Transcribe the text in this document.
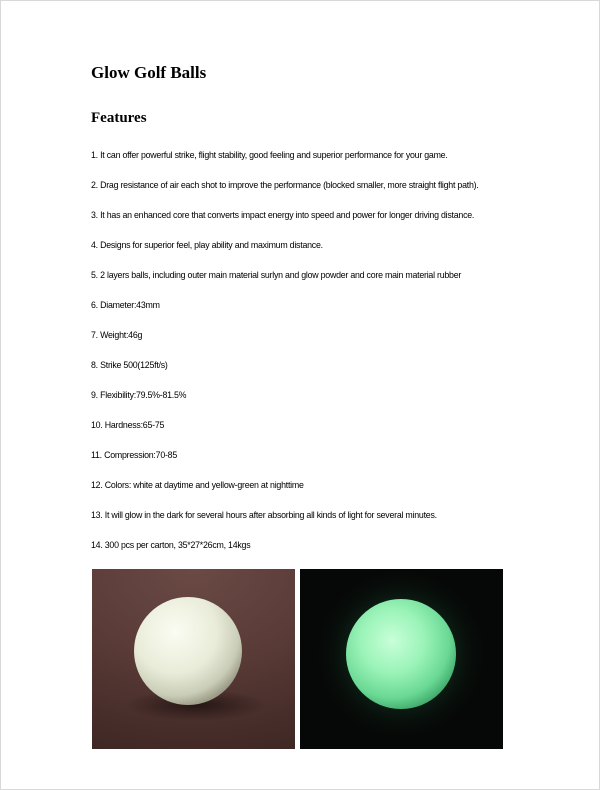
Glow Golf Balls
Features
1. It can offer powerful strike, flight stability, good feeling and superior performance for your game.
2. Drag resistance of air each shot to improve the performance (blocked smaller, more straight flight path).
3. It has an enhanced core that converts impact energy into speed and power for longer driving distance.
4. Designs for superior feel, play ability and maximum distance.
5. 2 layers balls, including outer main material surlyn and glow powder and core main material rubber
6. Diameter:43mm
7. Weight:46g
8. Strike 500(125ft/s)
9. Flexibility:79.5%-81.5%
10. Hardness:65-75
11. Compression:70-85
12. Colors: white at daytime and yellow-green at nighttime
13. It will glow in the dark for several hours after absorbing all kinds of light for several minutes.
14. 300 pcs per carton, 35*27*26cm, 14kgs
